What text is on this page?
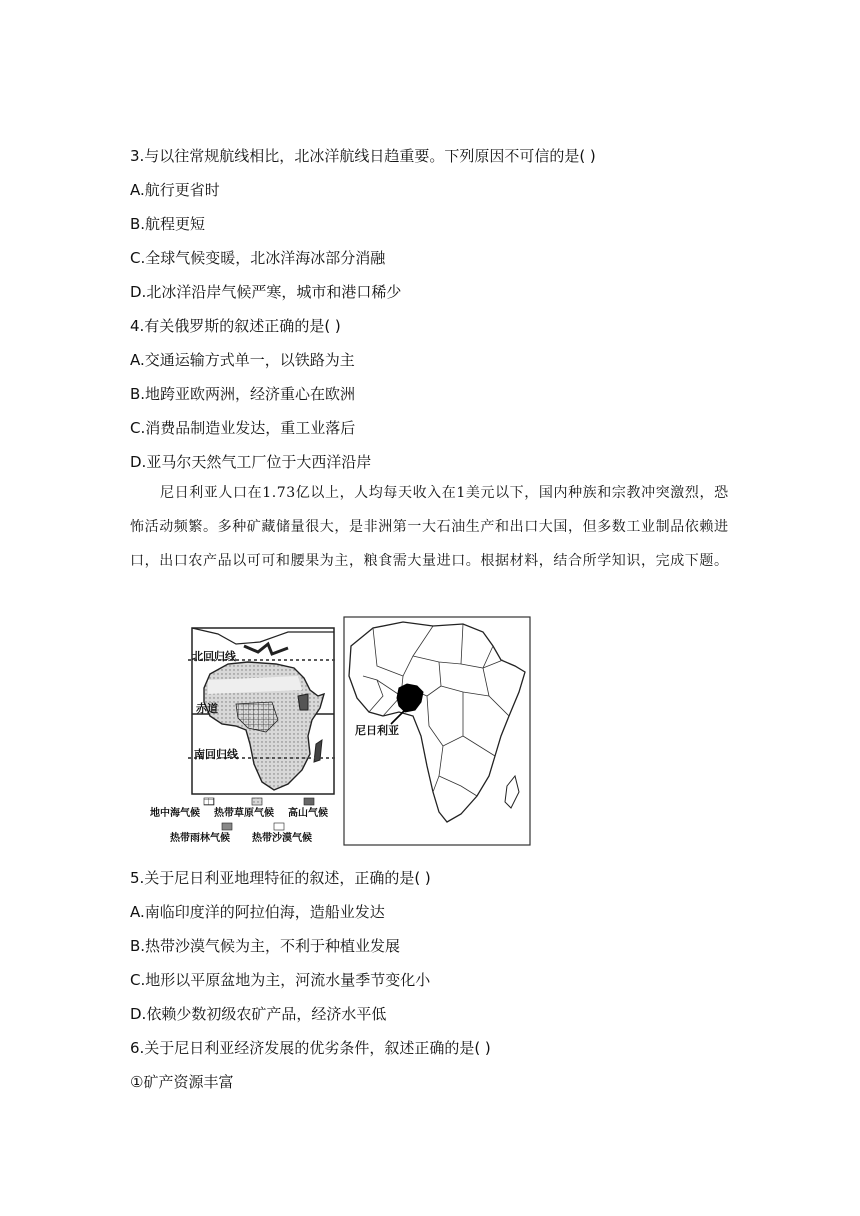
3.与以往常规航线相比，北冰洋航线日趋重要。下列原因不可信的是( )
A.航行更省时
B.航程更短
C.全球气候变暖，北冰洋海冰部分消融
D.北冰洋沿岸气候严寒，城市和港口稀少
4.有关俄罗斯的叙述正确的是( )
A.交通运输方式单一，以铁路为主
B.地跨亚欧两洲，经济重心在欧洲
C.消费品制造业发达，重工业落后
D.亚马尔天然气工厂位于大西洋沿岸
尼日利亚人口在1.73亿以上，人均每天收入在1美元以下，国内种族和宗教冲突激烈，恐怖活动频繁。多种矿藏储量很大，是非洲第一大石油生产和出口大国，但多数工业制品依赖进口，出口农产品以可可和腰果为主，粮食需大量进口。根据材料，结合所学知识，完成下题。
北回归线
赤道
南回归线
地中海气候 热带草原气候 高山气候
热带雨林气候 热带沙漠气候
尼日利亚
5.关于尼日利亚地理特征的叙述，正确的是( )
A.南临印度洋的阿拉伯海，造船业发达
B.热带沙漠气候为主，不利于种植业发展
C.地形以平原盆地为主，河流水量季节变化小
D.依赖少数初级农矿产品，经济水平低
6.关于尼日利亚经济发展的优劣条件，叙述正确的是( )
①矿产资源丰富
